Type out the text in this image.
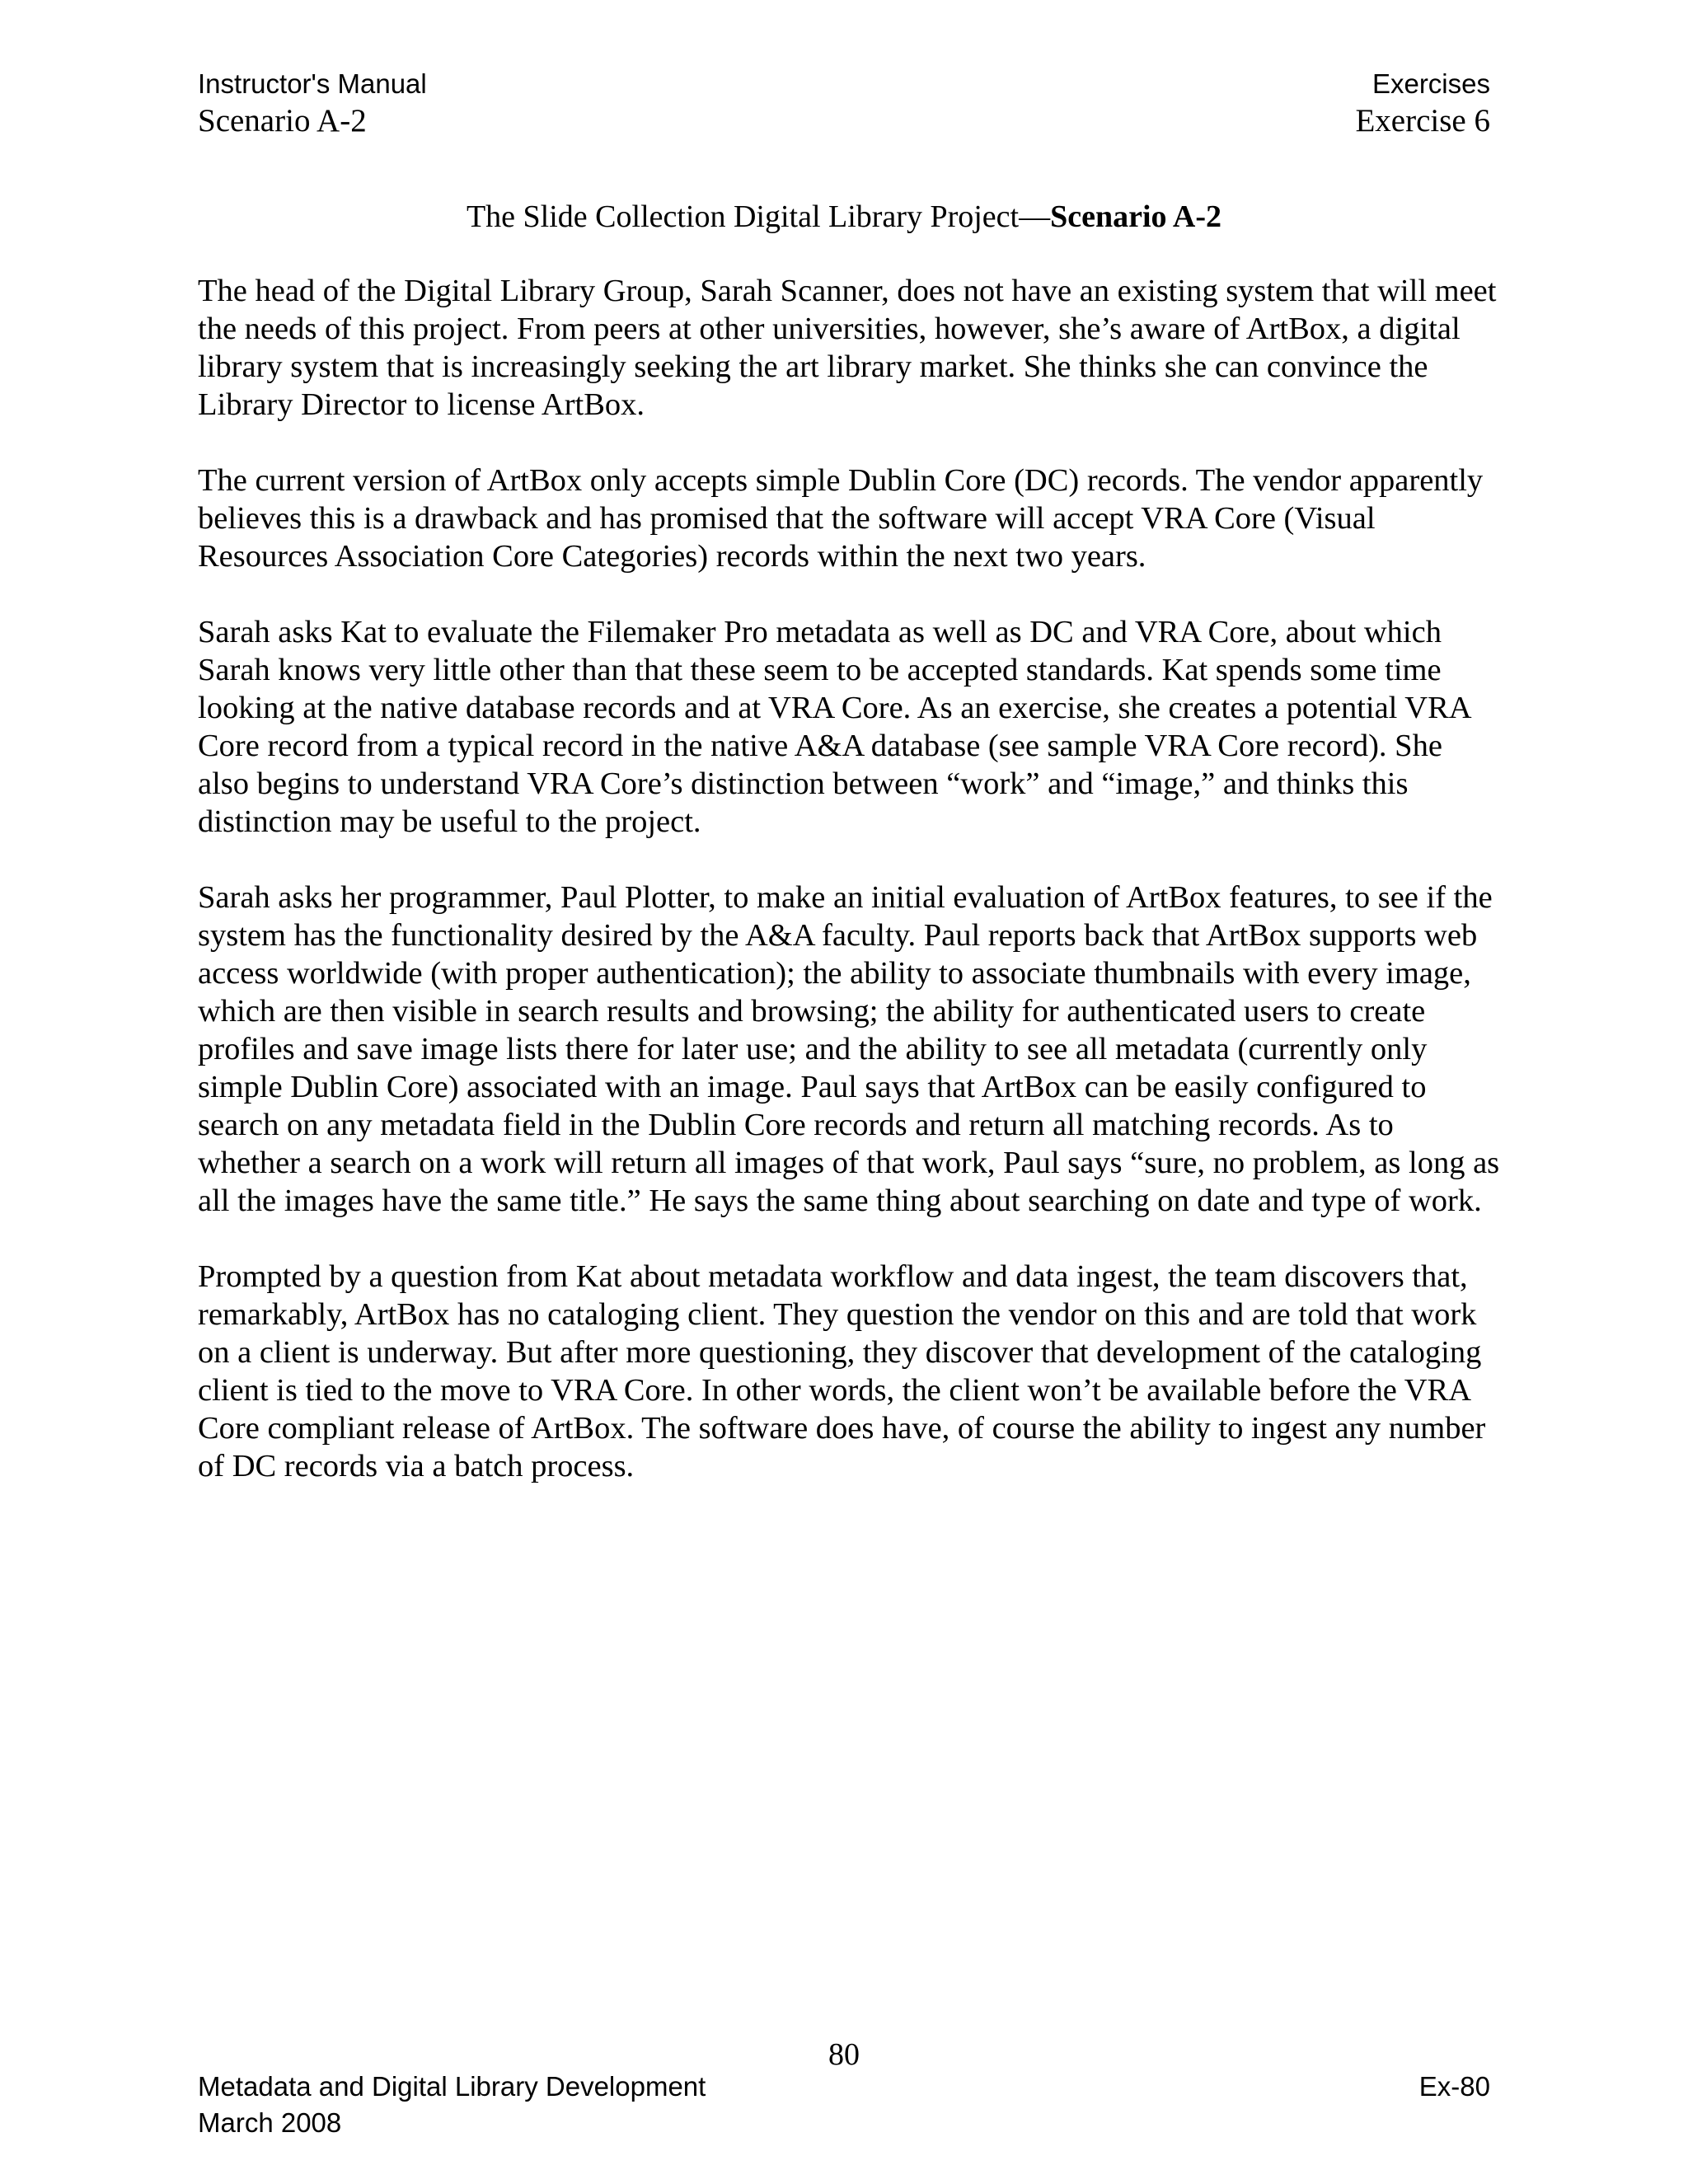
Instructor's Manual
Scenario A-2
Exercises
Exercise 6
The Slide Collection Digital Library Project—Scenario A-2

The head of the Digital Library Group, Sarah Scanner, does not have an existing system that will meet the needs of this project. From peers at other universities, however, she’s aware of ArtBox, a digital library system that is increasingly seeking the art library market. She thinks she can convince the Library Director to license ArtBox.

The current version of ArtBox only accepts simple Dublin Core (DC) records. The vendor apparently believes this is a drawback and has promised that the software will accept VRA Core (Visual Resources Association Core Categories) records within the next two years.

Sarah asks Kat to evaluate the Filemaker Pro metadata as well as DC and VRA Core, about which Sarah knows very little other than that these seem to be accepted standards. Kat spends some time looking at the native database records and at VRA Core. As an exercise, she creates a potential VRA Core record from a typical record in the native A&A database (see sample VRA Core record). She also begins to understand VRA Core’s distinction between “work” and “image,” and thinks this distinction may be useful to the project.

Sarah asks her programmer, Paul Plotter, to make an initial evaluation of ArtBox features, to see if the system has the functionality desired by the A&A faculty. Paul reports back that ArtBox supports web access worldwide (with proper authentication); the ability to associate thumbnails with every image, which are then visible in search results and browsing; the ability for authenticated users to create profiles and save image lists there for later use; and the ability to see all metadata (currently only simple Dublin Core) associated with an image. Paul says that ArtBox can be easily configured to search on any metadata field in the Dublin Core records and return all matching records. As to whether a search on a work will return all images of that work, Paul says “sure, no problem, as long as all the images have the same title.” He says the same thing about searching on date and type of work.

Prompted by a question from Kat about metadata workflow and data ingest, the team discovers that, remarkably, ArtBox has no cataloging client. They question the vendor on this and are told that work on a client is underway. But after more questioning, they discover that development of the cataloging client is tied to the move to VRA Core. In other words, the client won’t be available before the VRA Core compliant release of ArtBox. The software does have, of course the ability to ingest any number of DC records via a batch process.

80
Metadata and Digital Library Development
March 2008
Ex-80
